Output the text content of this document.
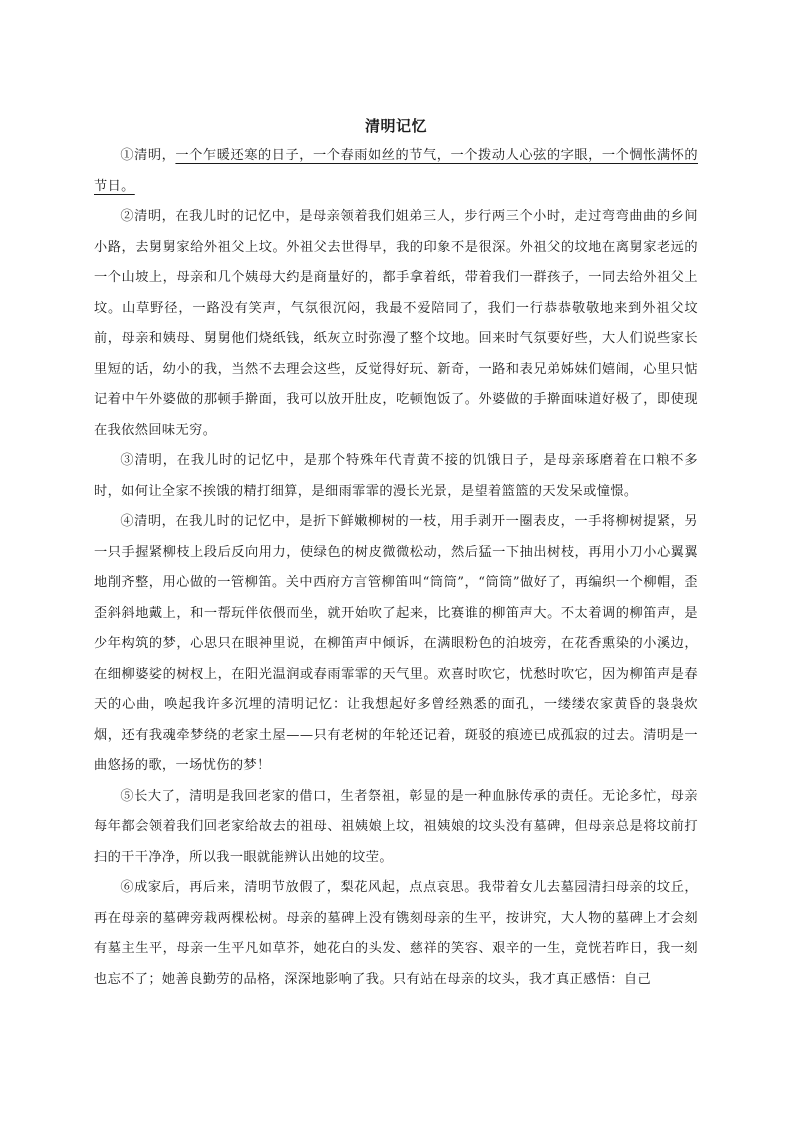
清明记忆

①清明，一个乍暖还寒的日子，一个春雨如丝的节气，一个拨动人心弦的字眼，一个惆怅满怀的节日。

②清明，在我儿时的记忆中，是母亲领着我们姐弟三人，步行两三个小时，走过弯弯曲曲的乡间小路，去舅舅家给外祖父上坟。外祖父去世得早，我的印象不是很深。外祖父的坟地在离舅家老远的一个山坡上，母亲和几个姨母大约是商量好的，都手拿着纸，带着我们一群孩子，一同去给外祖父上坟。山草野径，一路没有笑声，气氛很沉闷，我最不爱陪同了，我们一行恭恭敬敬地来到外祖父坟前，母亲和姨母、舅舅他们烧纸钱，纸灰立时弥漫了整个坟地。回来时气氛要好些，大人们说些家长里短的话，幼小的我，当然不去理会这些，反觉得好玩、新奇，一路和表兄弟姊妹们嬉闹，心里只惦记着中午外婆做的那顿手擀面，我可以放开肚皮，吃顿饱饭了。外婆做的手擀面味道好极了，即使现在我依然回味无穷。

③清明，在我儿时的记忆中，是那个特殊年代青黄不接的饥饿日子，是母亲琢磨着在口粮不多时，如何让全家不挨饿的精打细算，是细雨霏霏的漫长光景，是望着篮篮的天发呆或憧憬。

④清明，在我儿时的记忆中，是折下鲜嫩柳树的一枝，用手剥开一圈表皮，一手将柳树提紧，另一只手握紧柳枝上段后反向用力，使绿色的树皮微微松动，然后猛一下抽出树枝，再用小刀小心翼翼地削齐整，用心做的一管柳笛。关中西府方言管柳笛叫“筒筒”，“筒筒”做好了，再编织一个柳帽，歪歪斜斜地戴上，和一帮玩伴依偎而坐，就开始吹了起来，比赛谁的柳笛声大。不太着调的柳笛声，是少年构筑的梦，心思只在眼神里说，在柳笛声中倾诉，在满眼粉色的泊坡旁，在花香熏染的小溪边，在细柳婆娑的树杈上，在阳光温润或春雨霏霏的天气里。欢喜时吹它，忧愁时吹它，因为柳笛声是春天的心曲，唤起我许多沉埋的清明记忆：让我想起好多曾经熟悉的面孔，一缕缕农家黄昏的袅袅炊烟，还有我魂牵梦绕的老家土屋——只有老树的年轮还记着，斑驳的痕迹已成孤寂的过去。清明是一曲悠扬的歌，一场忧伤的梦！

⑤长大了，清明是我回老家的借口，生者祭祖，彰显的是一种血脉传承的责任。无论多忙，母亲每年都会领着我们回老家给故去的祖母、祖姨娘上坟，祖姨娘的坟头没有墓碑，但母亲总是将坟前打扫的干干净净，所以我一眼就能辨认出她的坟茔。

⑥成家后，再后来，清明节放假了，梨花风起，点点哀思。我带着女儿去墓园清扫母亲的坟丘，再在母亲的墓碑旁栽两棵松树。母亲的墓碑上没有镌刻母亲的生平，按讲究，大人物的墓碑上才会刻有墓主生平，母亲一生平凡如草芥，她花白的头发、慈祥的笑容、艰辛的一生，竟恍若昨日，我一刻也忘不了；她善良勤劳的品格，深深地影响了我。只有站在母亲的坟头，我才真正感悟：自己
